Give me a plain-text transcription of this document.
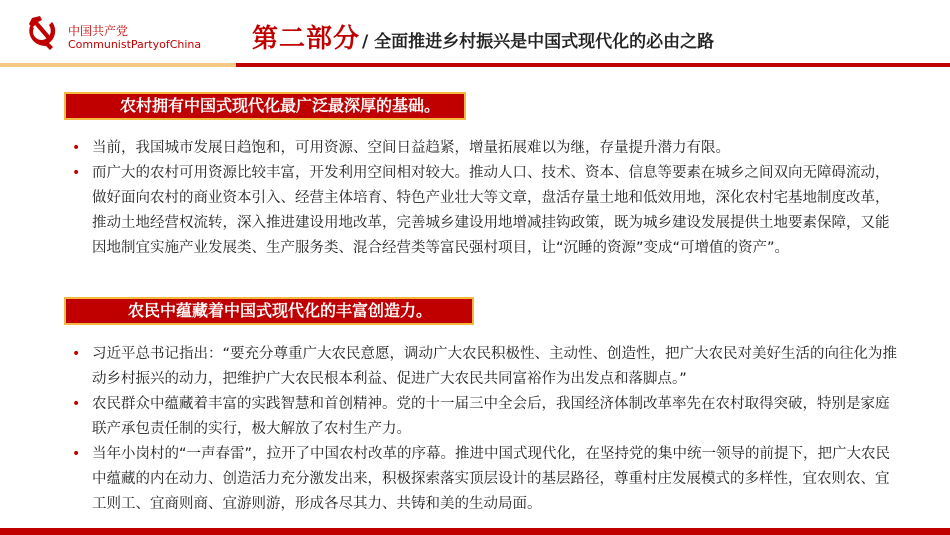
中国共产党
CommunistPartyofChina 第二部分 / 全面推进乡村振兴是中国式现代化的必由之路
农村拥有中国式现代化最广泛最深厚的基础。
• 当前，我国城市发展日趋饱和，可用资源、空间日益趋紧，增量拓展难以为继，存量提升潜力有限。
• 而广大的农村可用资源比较丰富，开发利用空间相对较大。推动人口、技术、资本、信息等要素在城乡之间双向无障碍流动，做好面向农村的商业资本引入、经营主体培育、特色产业壮大等文章，盘活存量土地和低效用地，深化农村宅基地制度改革，推动土地经营权流转，深入推进建设用地改革，完善城乡建设用地增减挂钩政策，既为城乡建设发展提供土地要素保障，又能因地制宜实施产业发展类、生产服务类、混合经营类等富民强村项目，让“沉睡的资源”变成“可增值的资产”。
农民中蕴藏着中国式现代化的丰富创造力。
• 习近平总书记指出：“要充分尊重广大农民意愿，调动广大农民积极性、主动性、创造性，把广大农民对美好生活的向往化为推动乡村振兴的动力，把维护广大农民根本利益、促进广大农民共同富裕作为出发点和落脚点。”
• 农民群众中蕴藏着丰富的实践智慧和首创精神。党的十一届三中全会后，我国经济体制改革率先在农村取得突破，特别是家庭联产承包责任制的实行，极大解放了农村生产力。
• 当年小岗村的“一声春雷”，拉开了中国农村改革的序幕。推进中国式现代化，在坚持党的集中统一领导的前提下，把广大农民中蕴藏的内在动力、创造活力充分激发出来，积极探索落实顶层设计的基层路径，尊重村庄发展模式的多样性，宜农则农、宜工则工、宜商则商、宜游则游，形成各尽其力、共铸和美的生动局面。
